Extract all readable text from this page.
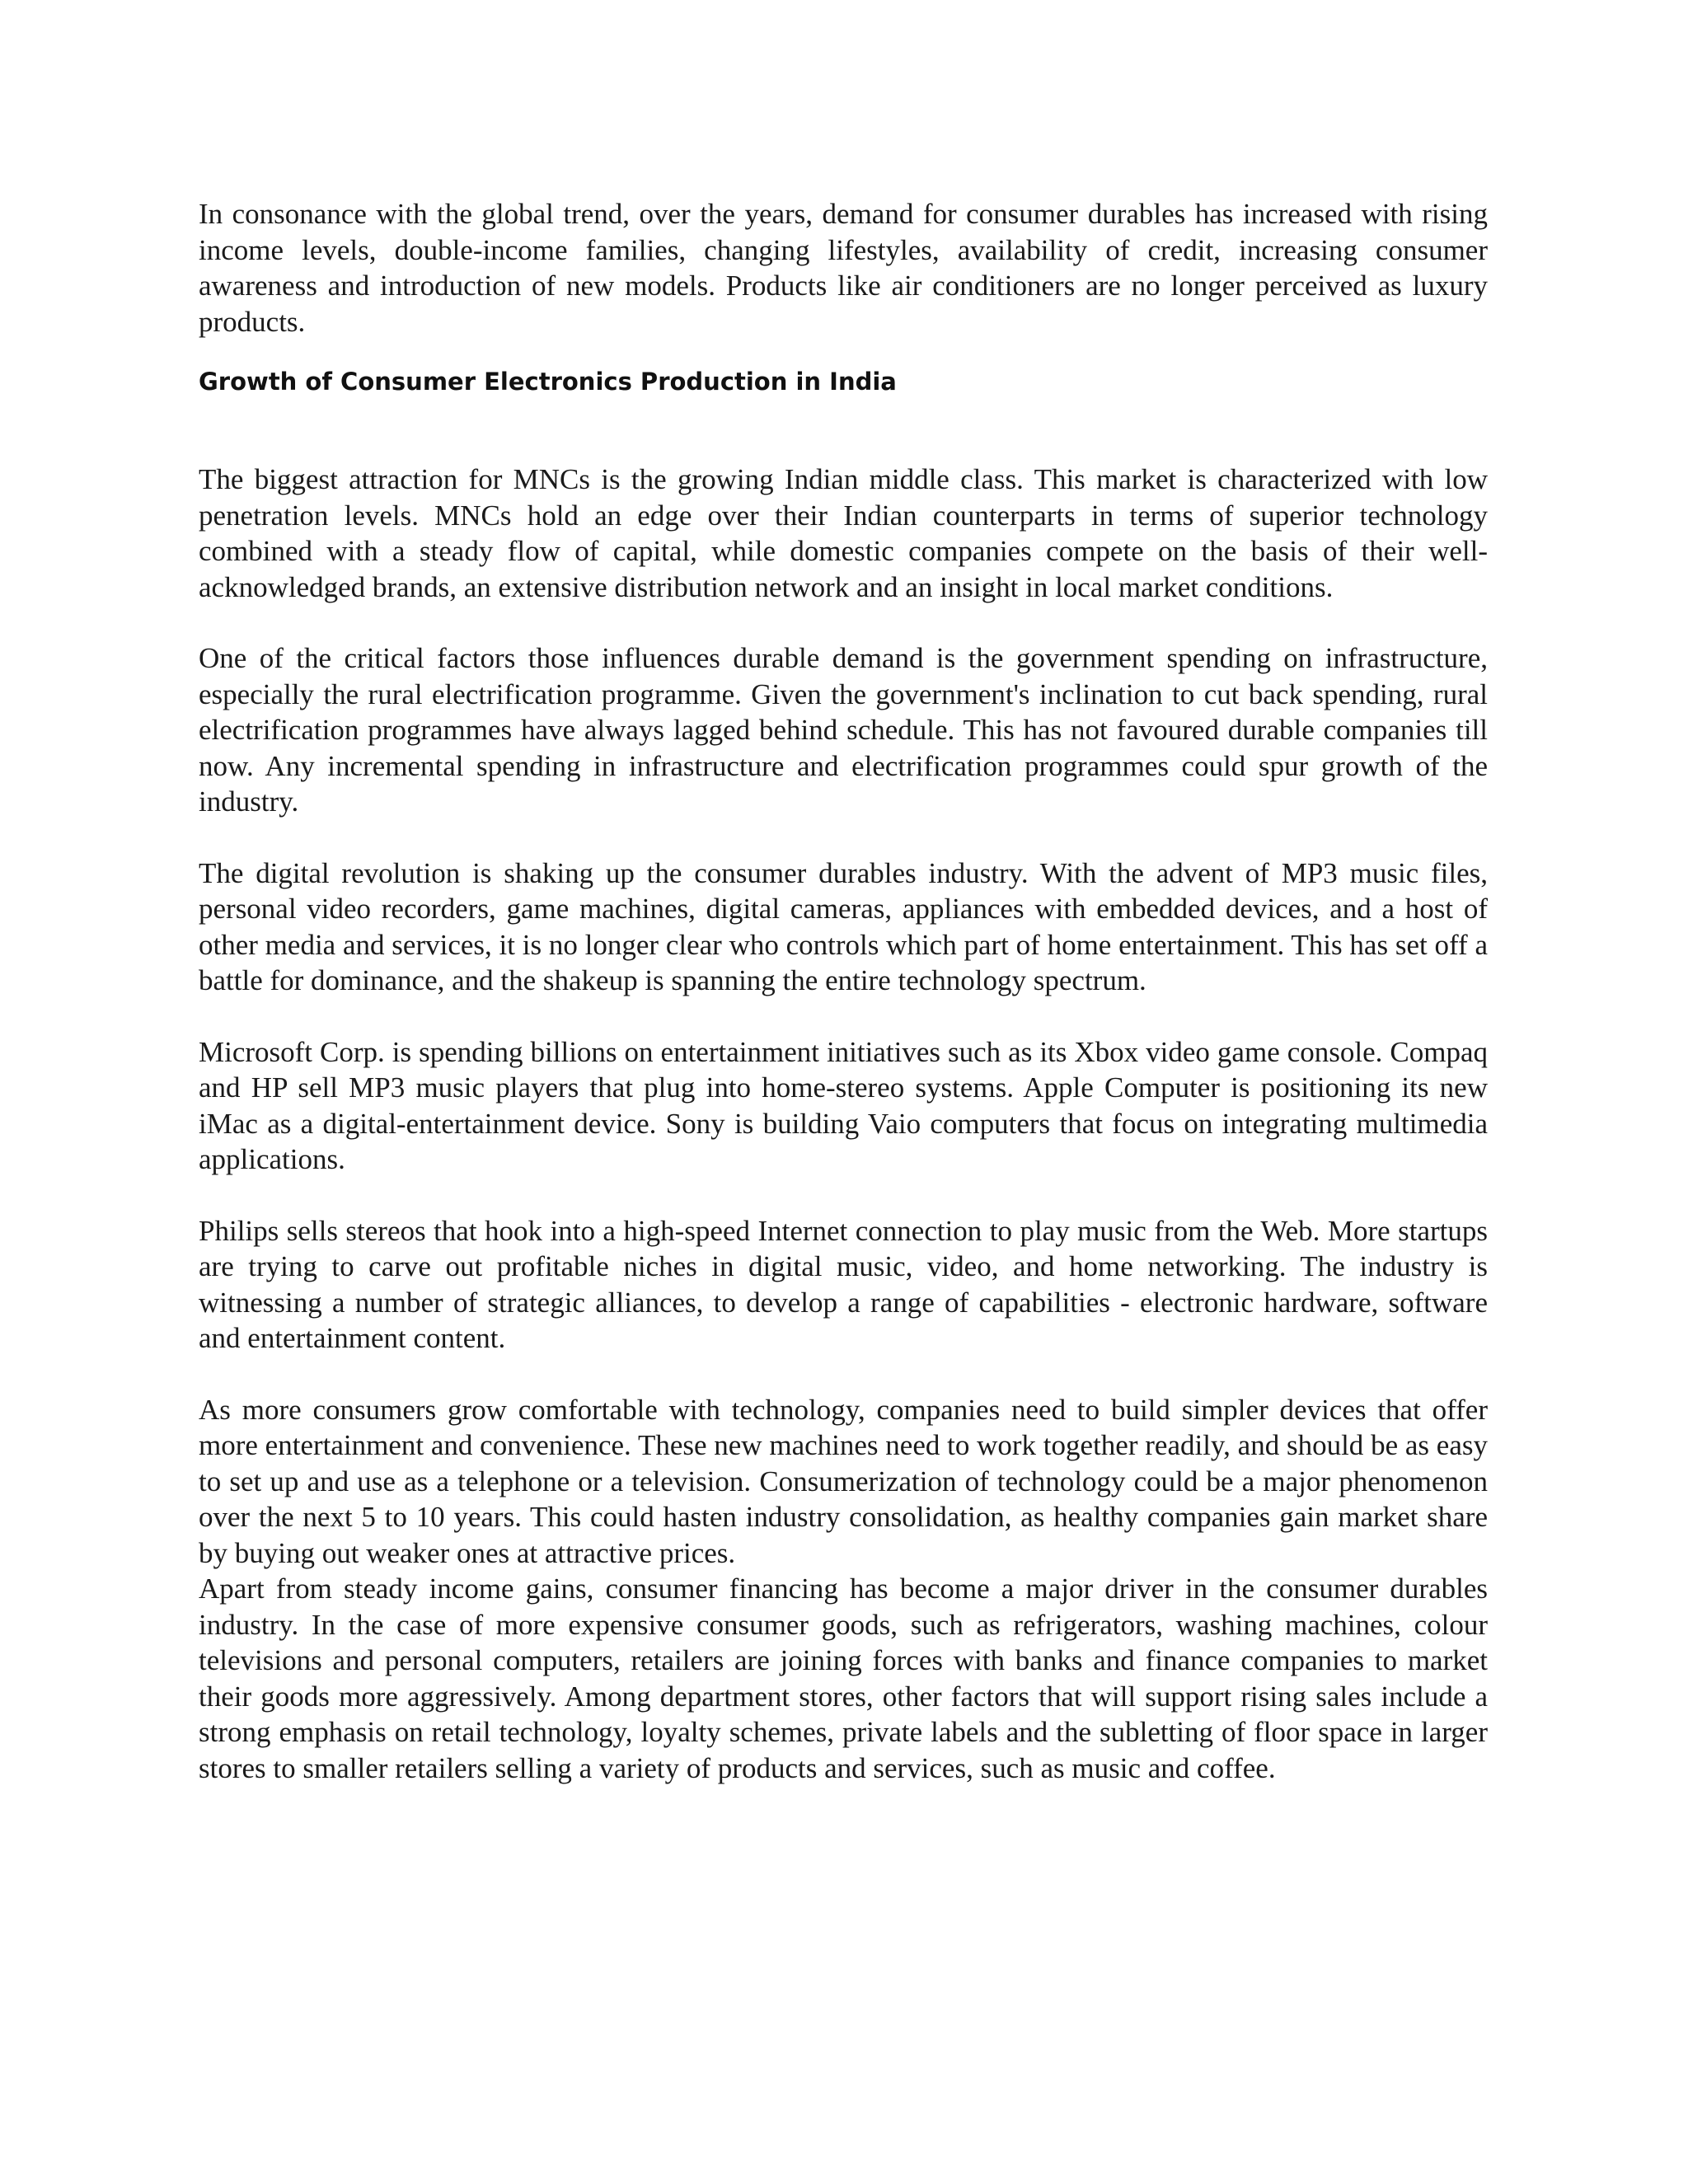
In consonance with the global trend, over the years, demand for consumer durables has increased with rising income levels, double-income families, changing lifestyles, availability of credit, increasing consumer awareness and introduction of new models. Products like air conditioners are no longer perceived as luxury products.

Growth of Consumer Electronics Production in India

The biggest attraction for MNCs is the growing Indian middle class. This market is characterized with low penetration levels. MNCs hold an edge over their Indian counterparts in terms of superior technology combined with a steady flow of capital, while domestic companies compete on the basis of their well-acknowledged brands, an extensive distribution network and an insight in local market conditions.

One of the critical factors those influences durable demand is the government spending on infrastructure, especially the rural electrification programme. Given the government's inclination to cut back spending, rural electrification programmes have always lagged behind schedule. This has not favoured durable companies till now. Any incremental spending in infrastructure and electrification programmes could spur growth of the industry.

The digital revolution is shaking up the consumer durables industry. With the advent of MP3 music files, personal video recorders, game machines, digital cameras, appliances with embedded devices, and a host of other media and services, it is no longer clear who controls which part of home entertainment. This has set off a battle for dominance, and the shakeup is spanning the entire technology spectrum.

Microsoft Corp. is spending billions on entertainment initiatives such as its Xbox video game console. Compaq and HP sell MP3 music players that plug into home-stereo systems. Apple Computer is positioning its new iMac as a digital-entertainment device. Sony is building Vaio computers that focus on integrating multimedia applications.

Philips sells stereos that hook into a high-speed Internet connection to play music from the Web. More startups are trying to carve out profitable niches in digital music, video, and home networking. The industry is witnessing a number of strategic alliances, to develop a range of capabilities - electronic hardware, software and entertainment content.

As more consumers grow comfortable with technology, companies need to build simpler devices that offer more entertainment and convenience. These new machines need to work together readily, and should be as easy to set up and use as a telephone or a television. Consumerization of technology could be a major phenomenon over the next 5 to 10 years. This could hasten industry consolidation, as healthy companies gain market share by buying out weaker ones at attractive prices.

Apart from steady income gains, consumer financing has become a major driver in the consumer durables industry. In the case of more expensive consumer goods, such as refrigerators, washing machines, colour televisions and personal computers, retailers are joining forces with banks and finance companies to market their goods more aggressively. Among department stores, other factors that will support rising sales include a strong emphasis on retail technology, loyalty schemes, private labels and the subletting of floor space in larger stores to smaller retailers selling a variety of products and services, such as music and coffee.
